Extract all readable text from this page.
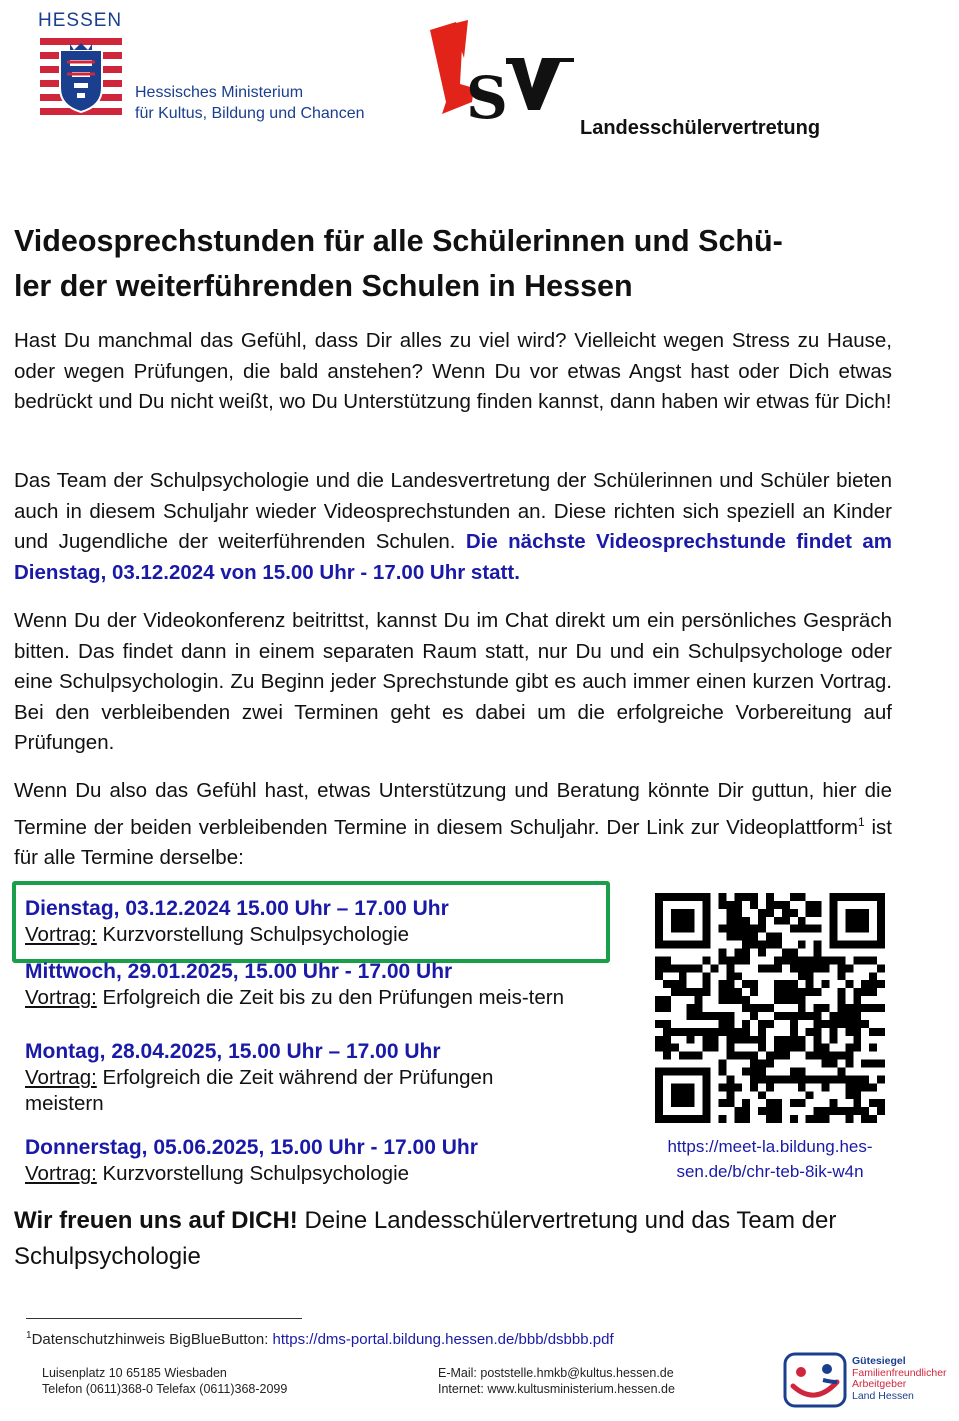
HESSEN
Hessisches Ministerium
für Kultus, Bildung und Chancen S	Landesschülervertretung
Videosprechstunden für alle Schülerinnen und Schü-
ler der weiterführenden Schulen in Hessen
Hast Du manchmal das Gefühl, dass Dir alles zu viel wird? Vielleicht wegen Stress zu Hause, oder wegen Prüfungen, die bald anstehen? Wenn Du vor etwas Angst hast oder Dich etwas bedrückt und Du nicht weißt, wo Du Unterstützung finden kannst, dann haben wir etwas für Dich!
Das Team der Schulpsychologie und die Landesvertretung der Schülerinnen und Schüler bieten auch in diesem Schuljahr wieder Videosprechstunden an. Diese richten sich speziell an Kinder und Jugendliche der weiterführenden Schulen. Die nächste Videosprechstunde findet am Dienstag, 03.12.2024 von 15.00 Uhr - 17.00 Uhr statt.
Wenn Du der Videokonferenz beitrittst, kannst Du im Chat direkt um ein persönliches Gespräch bitten. Das findet dann in einem separaten Raum statt, nur Du und ein Schulpsychologe oder eine Schulpsychologin. Zu Beginn jeder Sprechstunde gibt es auch immer einen kurzen Vortrag. Bei den verbleibenden zwei Terminen geht es dabei um die erfolgreiche Vorbereitung auf Prüfungen.
Wenn Du also das Gefühl hast, etwas Unterstützung und Beratung könnte Dir guttun, hier die Termine der beiden verbleibenden Termine in diesem Schuljahr. Der Link zur Videoplattform$^1$ ist für alle Termine derselbe:
Dienstag, 03.12.2024 15.00 Uhr – 17.00 Uhr
Vortrag: Kurzvorstellung Schulpsychologie
Mittwoch, 29.01.2025, 15.00 Uhr - 17.00 Uhr
Vortrag: Erfolgreich die Zeit bis zu den Prüfungen meis-tern
Montag, 28.04.2025, 15.00 Uhr – 17.00 Uhr
Vortrag: Erfolgreich die Zeit während der Prüfungen meistern
Donnerstag, 05.06.2025, 15.00 Uhr - 17.00 Uhr
Vortrag: Kurzvorstellung Schulpsychologie
https://meet-la.bildung.hes-
sen.de/b/chr-teb-8ik-w4n
Wir freuen uns auf DICH! Deine Landesschülervertretung und das Team der Schulpsychologie
$^1$Datenschutzhinweis BigBlueButton: https://dms-portal.bildung.hessen.de/bbb/dsbbb.pdf
Luisenplatz 10 65185 Wiesbaden
Telefon (0611)368-0 Telefax (0611)368-2099
E-Mail: poststelle.hmkb@kultus.hessen.de
Internet: www.kultusministerium.hessen.de
Gütesiegel
Familienfreundlicher
Arbeitgeber
Land Hessen
